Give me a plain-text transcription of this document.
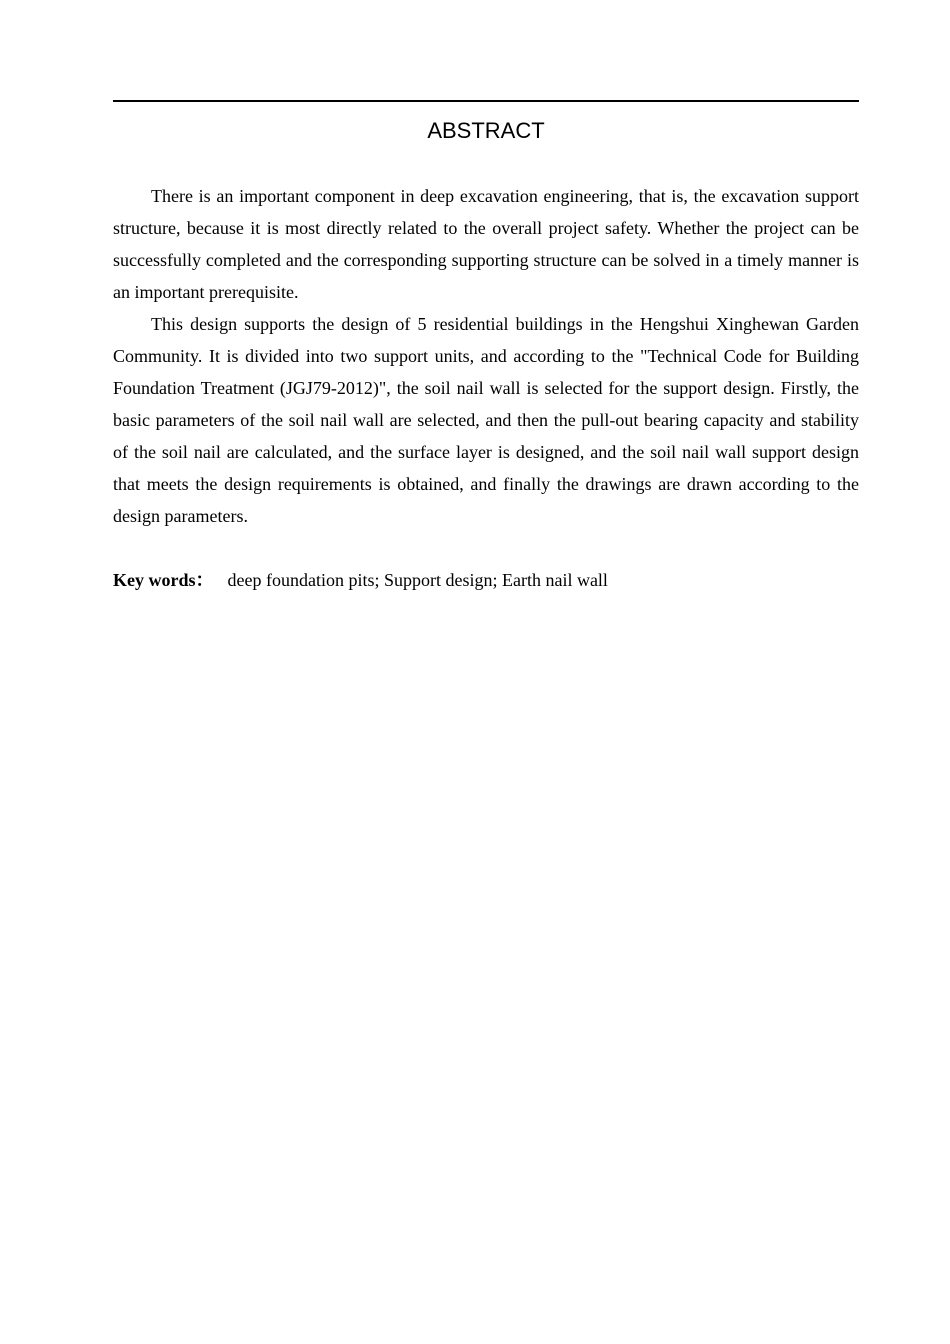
ABSTRACT

There is an important component in deep excavation engineering, that is, the excavation support structure, because it is most directly related to the overall project safety. Whether the project can be successfully completed and the corresponding supporting structure can be solved in a timely manner is an important prerequisite.

This design supports the design of 5 residential buildings in the Hengshui Xinghewan Garden Community. It is divided into two support units, and according to the "Technical Code for Building Foundation Treatment (JGJ79-2012)", the soil nail wall is selected for the support design. Firstly, the basic parameters of the soil nail wall are selected, and then the pull-out bearing capacity and stability of the soil nail are calculated, and the surface layer is designed, and the soil nail wall support design that meets the design requirements is obtained, and finally the drawings are drawn according to the design parameters.

Key words： deep foundation pits; Support design; Earth nail wall
